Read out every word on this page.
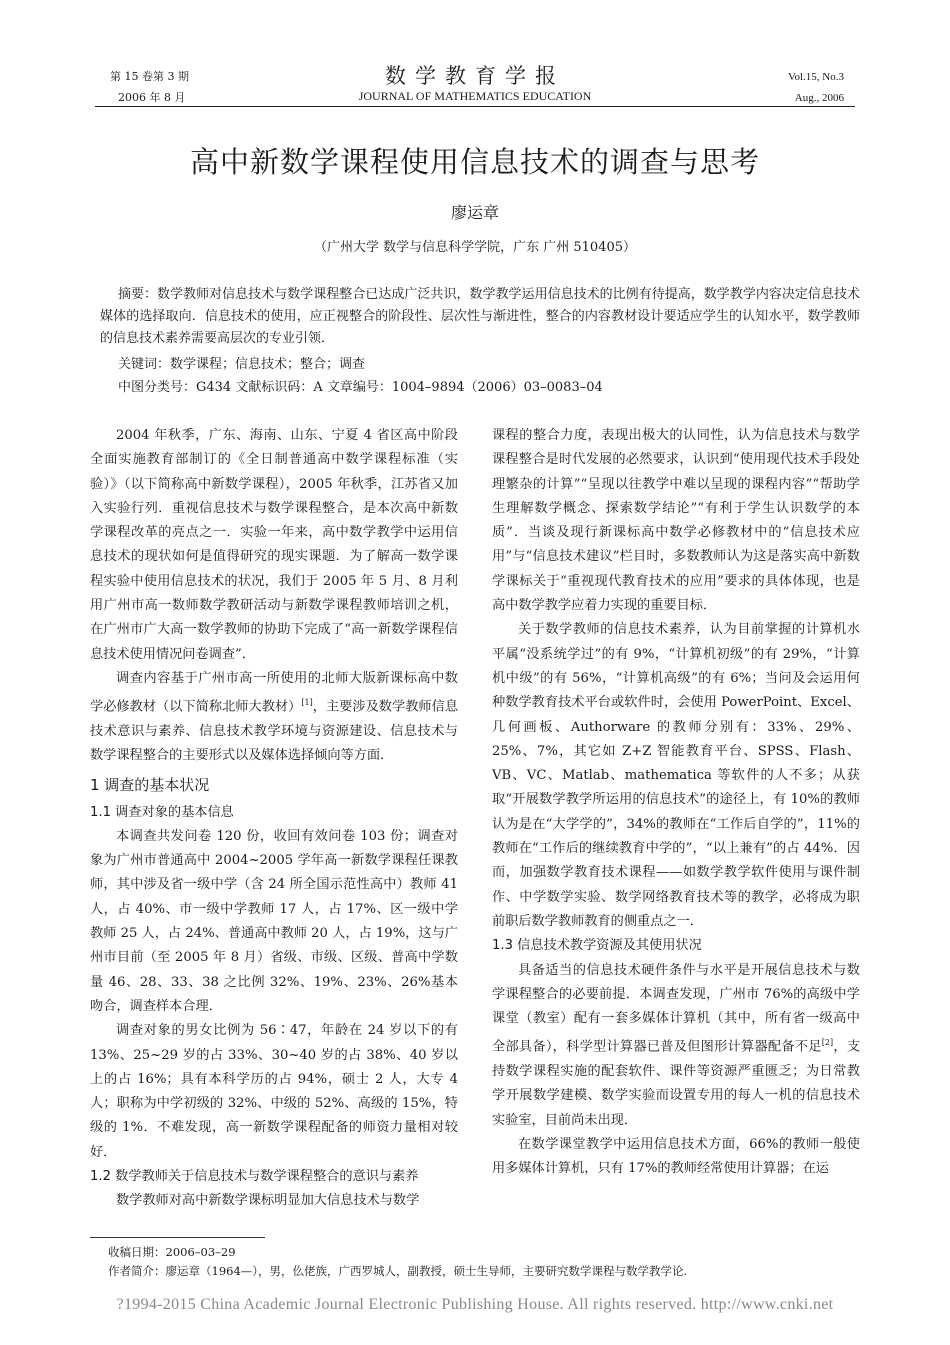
第 15 卷第 3 期
2006 年 8 月
数学教育学报
JOURNAL OF MATHEMATICS EDUCATION
Vol.15, No.3
Aug., 2006
高中新数学课程使用信息技术的调查与思考
廖运章
（广州大学 数学与信息科学学院，广东 广州 510405）
摘要：数学教师对信息技术与数学课程整合已达成广泛共识，数学教学运用信息技术的比例有待提高，数学教学内容决定信息技术媒体的选择取向．信息技术的使用，应正视整合的阶段性、层次性与渐进性，整合的内容教材设计要适应学生的认知水平，数学教师的信息技术素养需要高层次的专业引领．
关键词：数学课程；信息技术；整合；调查
中图分类号：G434 文献标识码：A 文章编号：1004–9894（2006）03–0083–04

2004 年秋季，广东、海南、山东、宁夏 4 省区高中阶段全面实施教育部制订的《全日制普通高中数学课程标准（实验）》（以下简称高中新数学课程），2005 年秋季，江苏省又加入实验行列．重视信息技术与数学课程整合，是本次高中新数学课程改革的亮点之一．实验一年来，高中数学教学中运用信息技术的现状如何是值得研究的现实课题．为了解高一数学课程实验中使用信息技术的状况，我们于 2005 年 5 月、8 月利用广州市高一数师数学教研活动与新数学课程教师培训之机，在广州市广大高一数学教师的协助下完成了“高一新数学课程信息技术使用情况问卷调查”．

调查内容基于广州市高一所使用的北师大版新课标高中数学必修教材（以下简称北师大教材）[1]，主要涉及数学教师信息技术意识与素养、信息技术教学环境与资源建设、信息技术与数学课程整合的主要形式以及媒体选择倾向等方面．

1 调查的基本状况

1.1 调查对象的基本信息

本调查共发问卷 120 份，收回有效问卷 103 份；调查对象为广州市普通高中 2004~2005 学年高一新数学课程任课教师，其中涉及省一级中学（含 24 所全国示范性高中）教师 41 人，占 40%、市一级中学教师 17 人，占 17%、区一级中学教师 25 人，占 24%、普通高中教师 20 人，占 19%，这与广州市目前（至 2005 年 8 月）省级、市级、区级、普高中学数量 46、28、33、38 之比例 32%、19%、23%、26%基本吻合，调查样本合理．

调查对象的男女比例为 56∶47，年龄在 24 岁以下的有 13%、25~29 岁的占 33%、30~40 岁的占 38%、40 岁以上的占 16%；具有本科学历的占 94%，硕士 2 人，大专 4 人；职称为中学初级的 32%、中级的 52%、高级的 15%，特级的 1%．不难发现，高一新数学课程配备的师资力量相对较好．

1.2 数学教师关于信息技术与数学课程整合的意识与素养

数学教师对高中新数学课标明显加大信息技术与数学

课程的整合力度，表现出极大的认同性，认为信息技术与数学课程整合是时代发展的必然要求，认识到“使用现代技术手段处理繁杂的计算”“呈现以往教学中难以呈现的课程内容”“帮助学生理解数学概念、探索数学结论”“有利于学生认识数学的本质”．当谈及现行新课标高中数学必修教材中的“信息技术应用”与“信息技术建议”栏目时，多数教师认为这是落实高中新数学课标关于“重视现代教育技术的应用”要求的具体体现，也是高中数学教学应着力实现的重要目标．

关于数学教师的信息技术素养，认为目前掌握的计算机水平属“没系统学过”的有 9%，“计算机初级”的有 29%，“计算机中级”的有 56%，“计算机高级”的有 6%；当问及会运用何种数学教育技术平台或软件时，会使用 PowerPoint、Excel、几何画板、Authorware 的教师分别有：33%、29%、25%、7%，其它如 Z+Z 智能教育平台、SPSS、Flash、VB、VC、Matlab、mathematica 等软件的人不多；从获取“开展数学教学所运用的信息技术”的途径上，有 10%的教师认为是在“大学学的”，34%的教师在“工作后自学的”，11%的教师在“工作后的继续教育中学的”，“以上兼有”的占 44%．因而，加强数学教育技术课程——如数学教学软件使用与课件制作、中学数学实验、数学网络教育技术等的教学，必将成为职前职后数学教师教育的侧重点之一．

1.3 信息技术教学资源及其使用状况

具备适当的信息技术硬件条件与水平是开展信息技术与数学课程整合的必要前提．本调查发现，广州市 76%的高级中学课堂（教室）配有一套多媒体计算机（其中，所有省一级高中全部具备），科学型计算器已普及但图形计算器配备不足[2]，支持数学课程实施的配套软件、课件等资源严重匮乏；为日常教学开展数学建模、数学实验而设置专用的每人一机的信息技术实验室，目前尚未出现．

在数学课堂教学中运用信息技术方面，66%的教师一般使用多媒体计算机，只有 17%的教师经常使用计算器；在运

收稿日期：2006–03–29
作者简介：廖运章（1964—），男，仫佬族，广西罗城人，副教授，硕士生导师，主要研究数学课程与数学教学论.
?1994-2015 China Academic Journal Electronic Publishing House. All rights reserved. http://www.cnki.net
